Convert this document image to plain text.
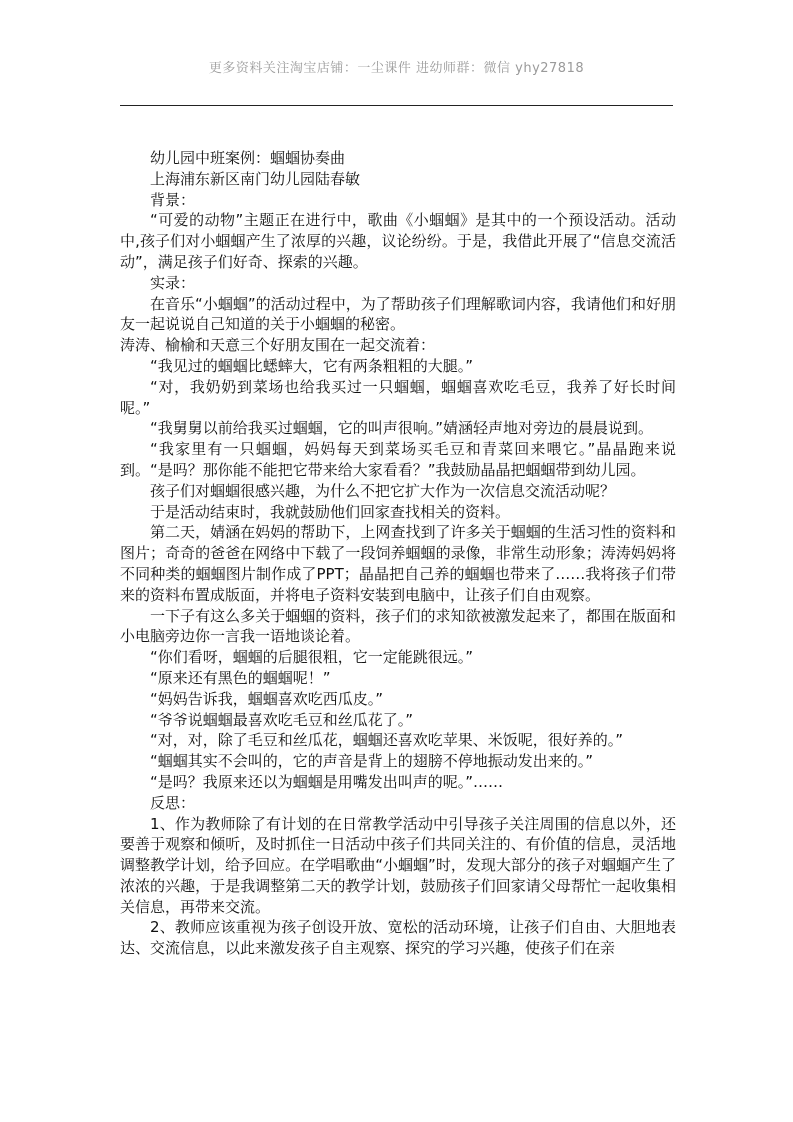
更多资料关注淘宝店铺：一尘课件 进幼师群：微信 yhy27818

幼儿园中班案例：蝈蝈协奏曲

上海浦东新区南门幼儿园陆春敏

背景：

“可爱的动物”主题正在进行中，歌曲《小蝈蝈》是其中的一个预设活动。活动中,孩子们对小蝈蝈产生了浓厚的兴趣，议论纷纷。于是，我借此开展了“信息交流活动”，满足孩子们好奇、探索的兴趣。

实录：

在音乐“小蝈蝈”的活动过程中，为了帮助孩子们理解歌词内容，我请他们和好朋友一起说说自己知道的关于小蝈蝈的秘密。

涛涛、榆榆和天意三个好朋友围在一起交流着：

“我见过的蝈蝈比蟋蟀大，它有两条粗粗的大腿。”

“对，我奶奶到菜场也给我买过一只蝈蝈，蝈蝈喜欢吃毛豆，我养了好长时间呢。”

“我舅舅以前给我买过蝈蝈，它的叫声很响。”婧涵轻声地对旁边的晨晨说到。

“我家里有一只蝈蝈，妈妈每天到菜场买毛豆和青菜回来喂它。”晶晶跑来说到。“是吗？那你能不能把它带来给大家看看？”我鼓励晶晶把蝈蝈带到幼儿园。

孩子们对蝈蝈很感兴趣，为什么不把它扩大作为一次信息交流活动呢？

于是活动结束时，我就鼓励他们回家查找相关的资料。

第二天，婧涵在妈妈的帮助下，上网查找到了许多关于蝈蝈的生活习性的资料和图片；奇奇的爸爸在网络中下载了一段饲养蝈蝈的录像，非常生动形象；涛涛妈妈将不同种类的蝈蝈图片制作成了PPT；晶晶把自己养的蝈蝈也带来了……我将孩子们带来的资料布置成版面，并将电子资料安装到电脑中，让孩子们自由观察。

一下子有这么多关于蝈蝈的资料，孩子们的求知欲被激发起来了，都围在版面和小电脑旁边你一言我一语地谈论着。

“你们看呀，蝈蝈的后腿很粗，它一定能跳很远。”

“原来还有黑色的蝈蝈呢！”

“妈妈告诉我，蝈蝈喜欢吃西瓜皮。”

“爷爷说蝈蝈最喜欢吃毛豆和丝瓜花了。”

“对，对，除了毛豆和丝瓜花，蝈蝈还喜欢吃苹果、米饭呢，很好养的。”

“蝈蝈其实不会叫的，它的声音是背上的翅膀不停地振动发出来的。”

“是吗？我原来还以为蝈蝈是用嘴发出叫声的呢。”……

反思：

1、作为教师除了有计划的在日常教学活动中引导孩子关注周围的信息以外，还要善于观察和倾听，及时抓住一日活动中孩子们共同关注的、有价值的信息，灵活地调整教学计划，给予回应。在学唱歌曲“小蝈蝈”时，发现大部分的孩子对蝈蝈产生了浓浓的兴趣，于是我调整第二天的教学计划，鼓励孩子们回家请父母帮忙一起收集相关信息，再带来交流。

2、教师应该重视为孩子创设开放、宽松的活动环境，让孩子们自由、大胆地表达、交流信息，以此来激发孩子自主观察、探究的学习兴趣，使孩子们在亲
